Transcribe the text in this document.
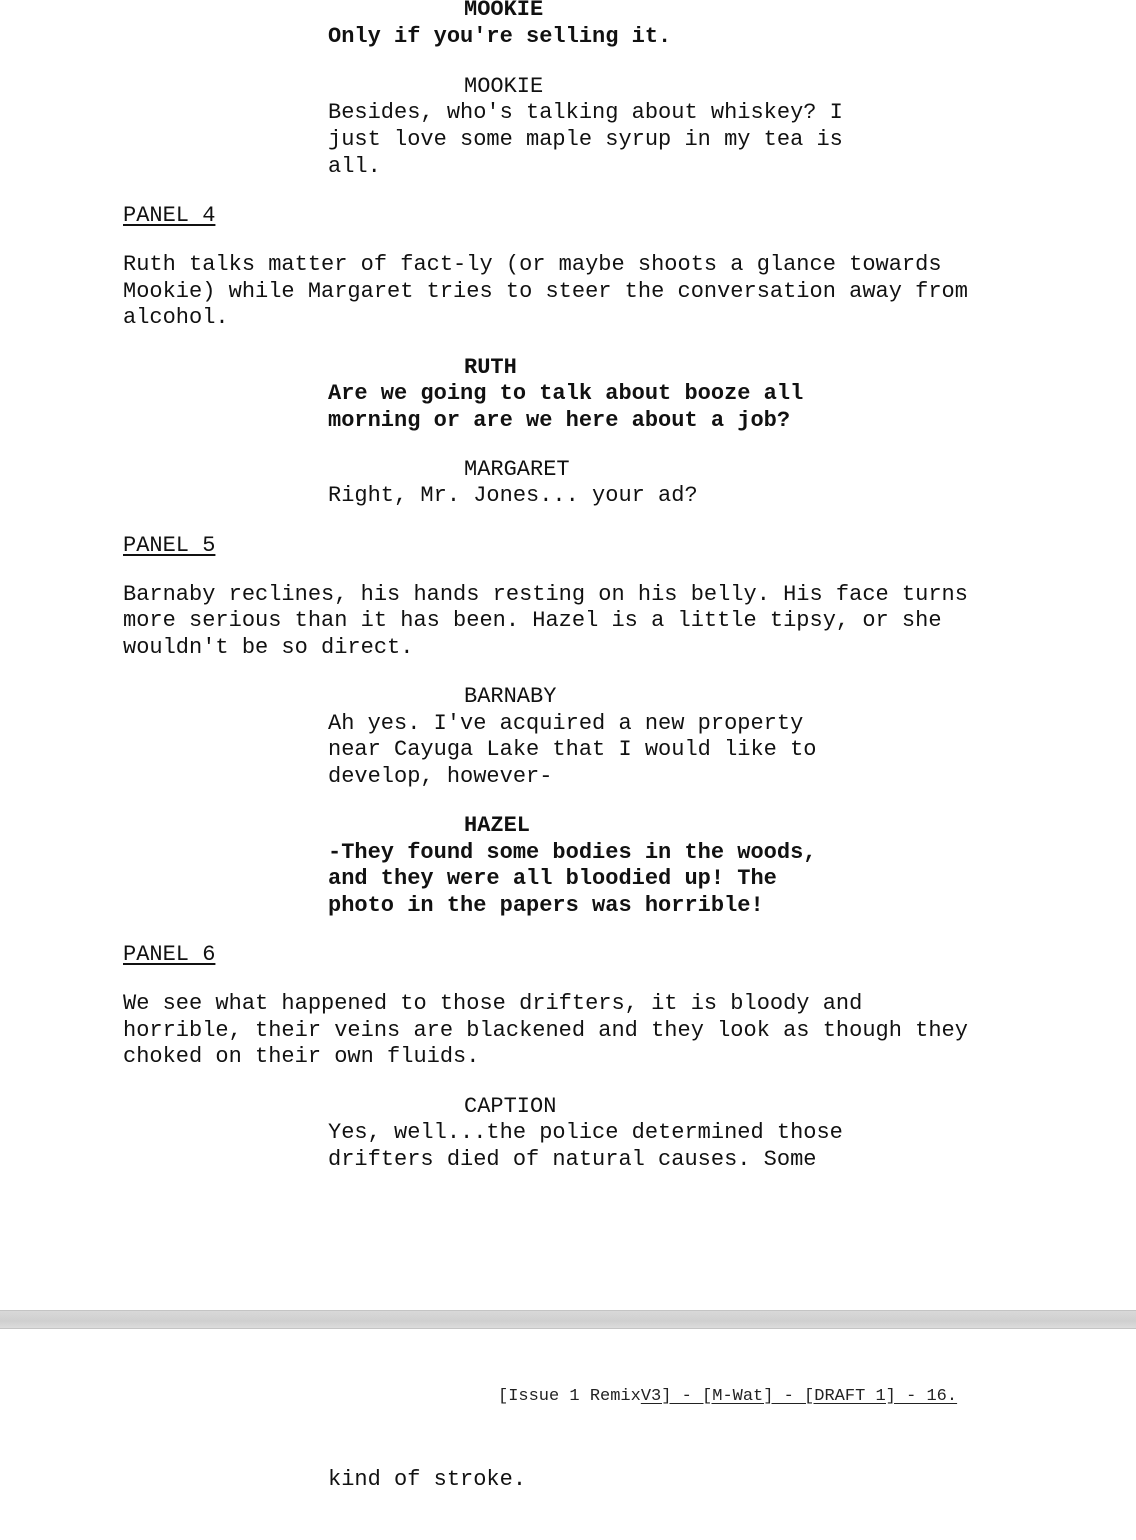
MOOKIE

Only if you're selling it.

MOOKIE

Besides, who's talking about whiskey? I

just love some maple syrup in my tea is

all.

PANEL 4

Ruth talks matter of fact-ly (or maybe shoots a glance towards

Mookie) while Margaret tries to steer the conversation away from

alcohol.

RUTH

Are we going to talk about booze all

morning or are we here about a job?

MARGARET

Right, Mr. Jones... your ad?

PANEL 5

Barnaby reclines, his hands resting on his belly. His face turns

more serious than it has been. Hazel is a little tipsy, or she

wouldn't be so direct.

BARNABY

Ah yes. I've acquired a new property

near Cayuga Lake that I would like to

develop, however-

HAZEL

-They found some bodies in the woods,

and they were all bloodied up! The

photo in the papers was horrible!

PANEL 6

We see what happened to those drifters, it is bloody and

horrible, their veins are blackened and they look as though they

choked on their own fluids.

CAPTION

Yes, well...the police determined those

drifters died of natural causes. Some

[Issue 1 RemixV3] - [M-Wat] - [DRAFT 1] - 16.

kind of stroke.
